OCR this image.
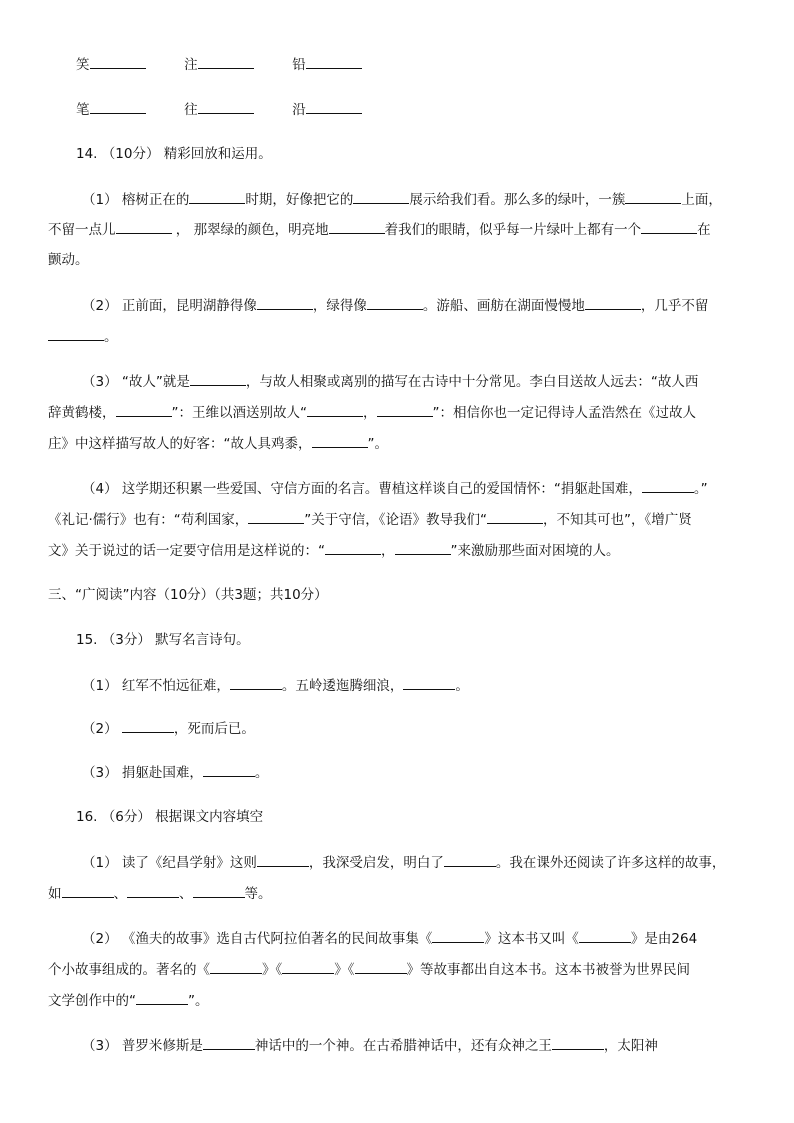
笑	注	铅
笔	往	沿
14. （10分） 精彩回放和运用。
（1） 榕树正在的	时期，好像把它的	展示给我们看。那么多的绿叶，一簇	上面，
不留一点儿	， 那翠绿的颜色，明亮地	着我们的眼睛，似乎每一片绿叶上都有一个	在
颤动。
（2） 正前面，昆明湖静得像	，绿得像	。游船、画舫在湖面慢慢地	，几乎不留
。
（3） “故人”就是	，与故人相聚或离别的描写在古诗中十分常见。李白目送故人远去：“故人西
辞黄鹤楼，	”：王维以酒送别故人“	，	”：相信你也一定记得诗人孟浩然在《过故人
庄》中这样描写故人的好客：“故人具鸡黍，	”。
（4） 这学期还积累一些爱国、守信方面的名言。曹植这样谈自己的爱国情怀：“捐躯赴国难，	。”
《礼记·儒行》也有：“苟利国家，	”关于守信，《论语》教导我们“	，不知其可也”，《增广贤
文》关于说过的话一定要守信用是这样说的：“	，	”来激励那些面对困境的人。
三、“广阅读”内容（10分）（共3题；共10分）
15. （3分） 默写名言诗句。
（1） 红军不怕远征难，	。五岭逶迤腾细浪，	。
（2）	，死而后已。
（3） 捐躯赴国难，	。
16. （6分） 根据课文内容填空
（1） 读了《纪昌学射》这则	，我深受启发，明白了	。我在课外还阅读了许多这样的故事，
如	、	、	等。
（2） 《渔夫的故事》选自古代阿拉伯著名的民间故事集《	》这本书又叫《	》是由264
个小故事组成的。著名的《	》《	》《	》等故事都出自这本书。这本书被誉为世界民间
文学创作中的“	”。
（3） 普罗米修斯是	神话中的一个神。在古希腊神话中，还有众神之王	，太阳神
